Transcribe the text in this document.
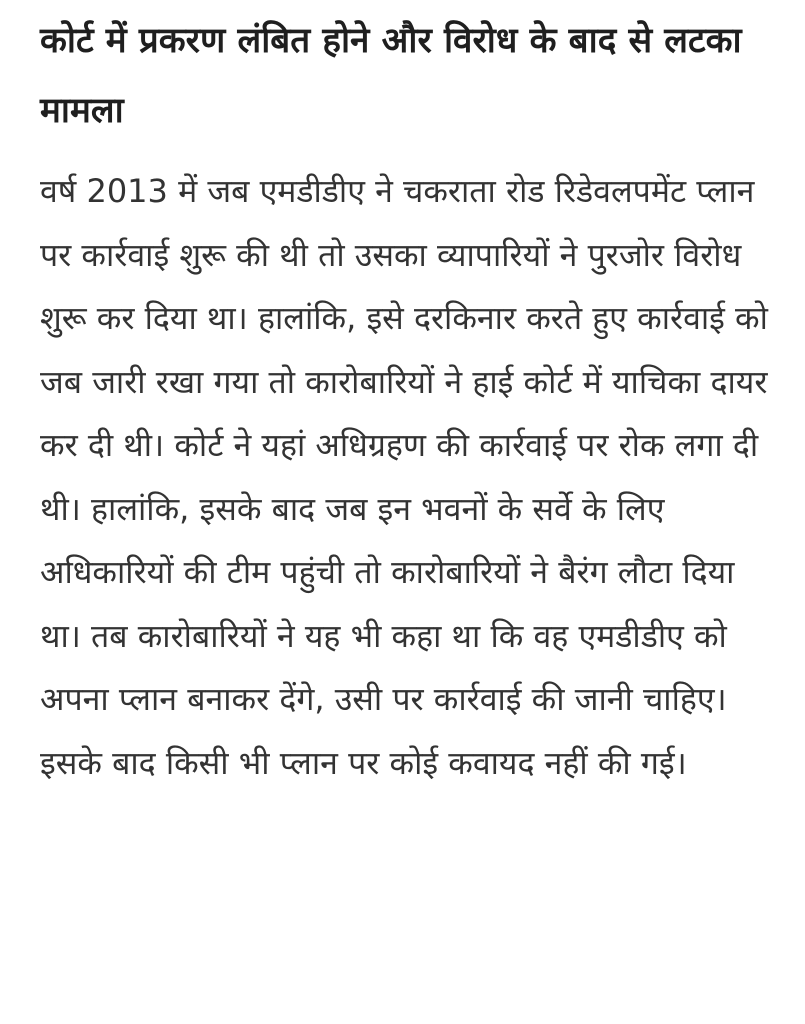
कोर्ट में प्रकरण लंबित होने और विरोध के बाद से लटका मामला

वर्ष 2013 में जब एमडीडीए ने चकराता रोड रिडेवलपमेंट प्लान पर कार्रवाई शुरू की थी तो उसका व्यापारियों ने पुरजोर विरोध शुरू कर दिया था। हालांकि, इसे दरकिनार करते हुए कार्रवाई को जब जारी रखा गया तो कारोबारियों ने हाई कोर्ट में याचिका दायर कर दी थी। कोर्ट ने यहां अधिग्रहण की कार्रवाई पर रोक लगा दी थी। हालांकि, इसके बाद जब इन भवनों के सर्वे के लिए अधिकारियों की टीम पहुंची तो कारोबारियों ने बैरंग लौटा दिया था। तब कारोबारियों ने यह भी कहा था कि वह एमडीडीए को अपना प्लान बनाकर देंगे, उसी पर कार्रवाई की जानी चाहिए। इसके बाद किसी भी प्लान पर कोई कवायद नहीं की गई।
